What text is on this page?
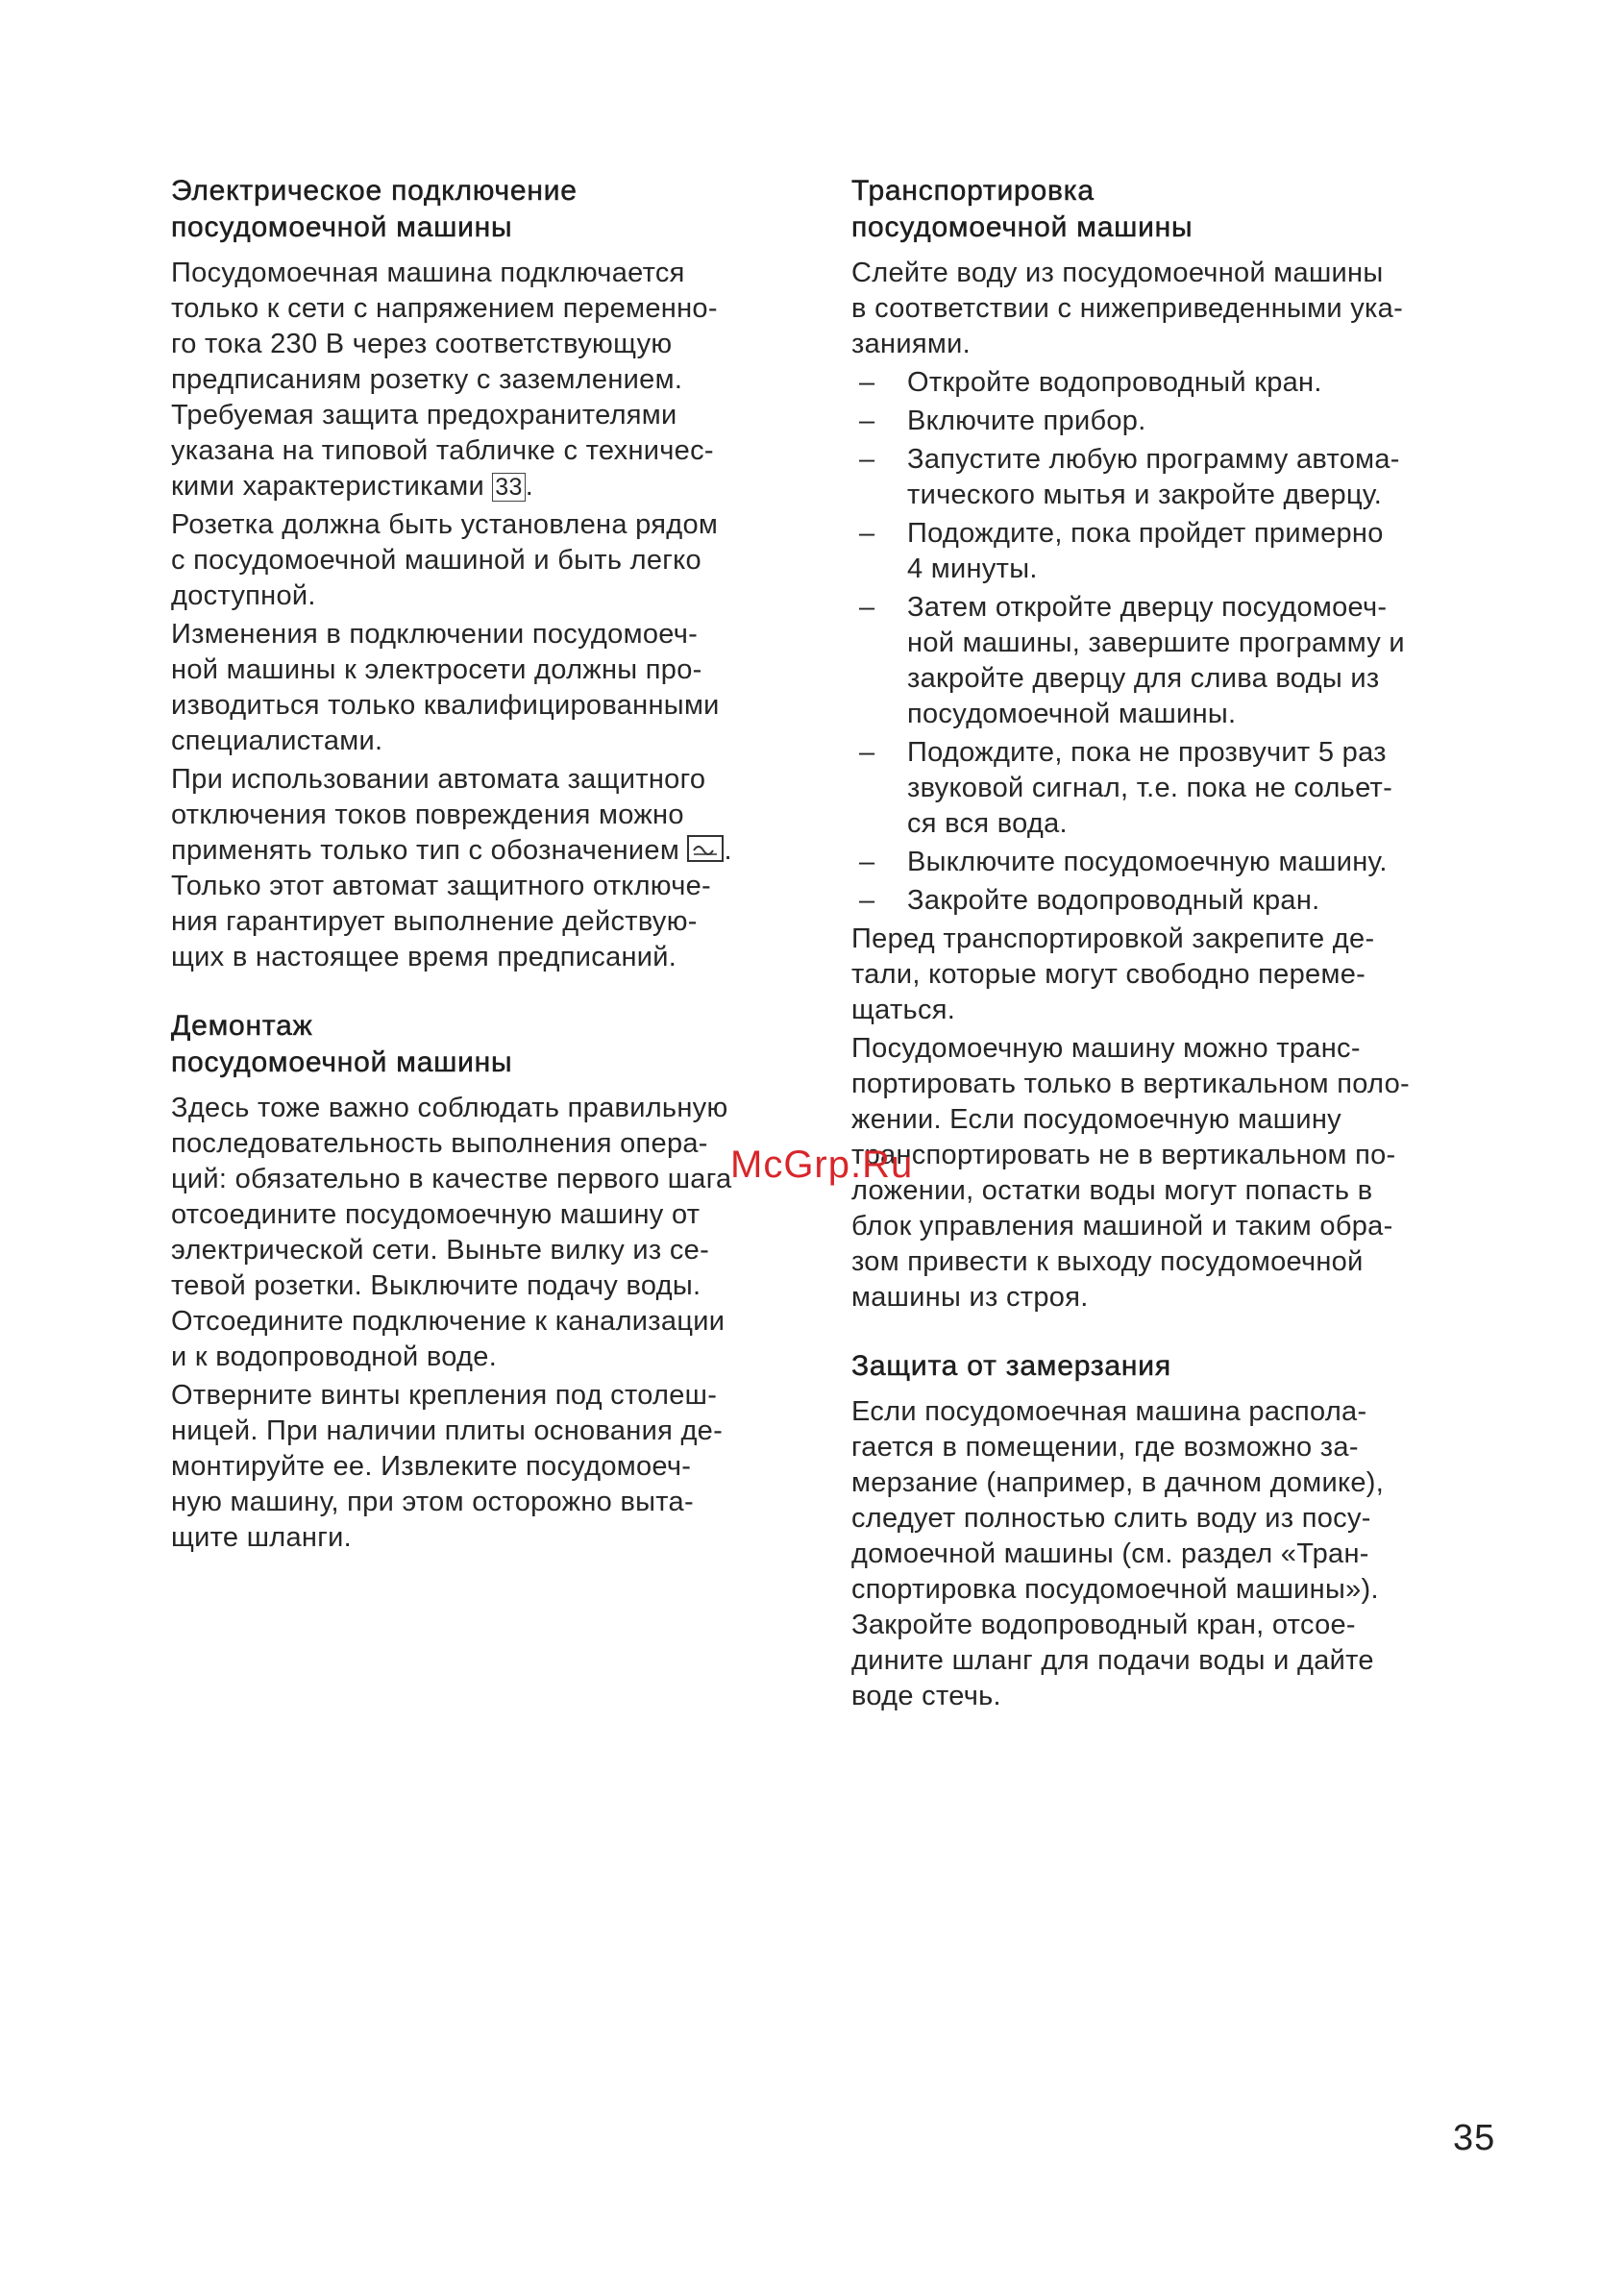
Электрическое подключение
посудомоечной машины
Посудомоечная машина подключается
только к сети с напряжением переменно-
го тока 230 В через соответствующую
предписаниям розетку с заземлением.
Требуемая защита предохранителями
указана на типовой табличке с техничес-
кими характеристиками 33 .
Розетка должна быть установлена рядом
с посудомоечной машиной и быть легко
доступной.
Изменения в подключении посудомоеч-
ной машины к электросети должны про-
изводиться только квалифицированными
специалистами.
При использовании автомата защитного
отключения токов повреждения можно
применять только тип с обозначением .
Только этот автомат защитного отключе-
ния гарантирует выполнение действую-
щих в настоящее время предписаний.
Демонтаж
посудомоечной машины
Здесь тоже важно соблюдать правильную
последовательность выполнения опера-
ций: обязательно в качестве первого шага
отсоедините посудомоечную машину от
электрической сети. Выньте вилку из се-
тевой розетки. Выключите подачу воды.
Отсоедините подключение к канализации
и к водопроводной воде.
Отверните винты крепления под столеш-
ницей. При наличии плиты основания де-
монтируйте ее. Извлеките посудомоеч-
ную машину, при этом осторожно выта-
щите шланги.
Транспортировка
посудомоечной машины
Слейте воду из посудомоечной машины
в соответствии с нижеприведенными ука-
заниями.
– Откройте водопроводный кран.
– Включите прибор.
– Запустите любую программу автома-
тического мытья и закройте дверцу.
– Подождите, пока пройдет примерно
4 минуты.
– Затем откройте дверцу посудомоеч-
ной машины, завершите программу и
закройте дверцу для слива воды из
посудомоечной машины.
– Подождите, пока не прозвучит 5 раз
звуковой сигнал, т.е. пока не сольет-
ся вся вода.
– Выключите посудомоечную машину.
– Закройте водопроводный кран.
Перед транспортировкой закрепите де-
тали, которые могут свободно переме-
щаться.
Посудомоечную машину можно транс-
портировать только в вертикальном поло-
жении. Если посудомоечную машину
транспортировать не в вертикальном по-
ложении, остатки воды могут попасть в
блок управления машиной и таким обра-
зом привести к выходу посудомоечной
машины из строя.
Защита от замерзания
Если посудомоечная машина распола-
гается в помещении, где возможно за-
мерзание (например, в дачном домике),
следует полностью слить воду из посу-
домоечной машины (см. раздел «Тран-
спортировка посудомоечной машины»).
Закройте водопроводный кран, отсое-
дините шланг для подачи воды и дайте
воде стечь.
McGrp.Ru
35
